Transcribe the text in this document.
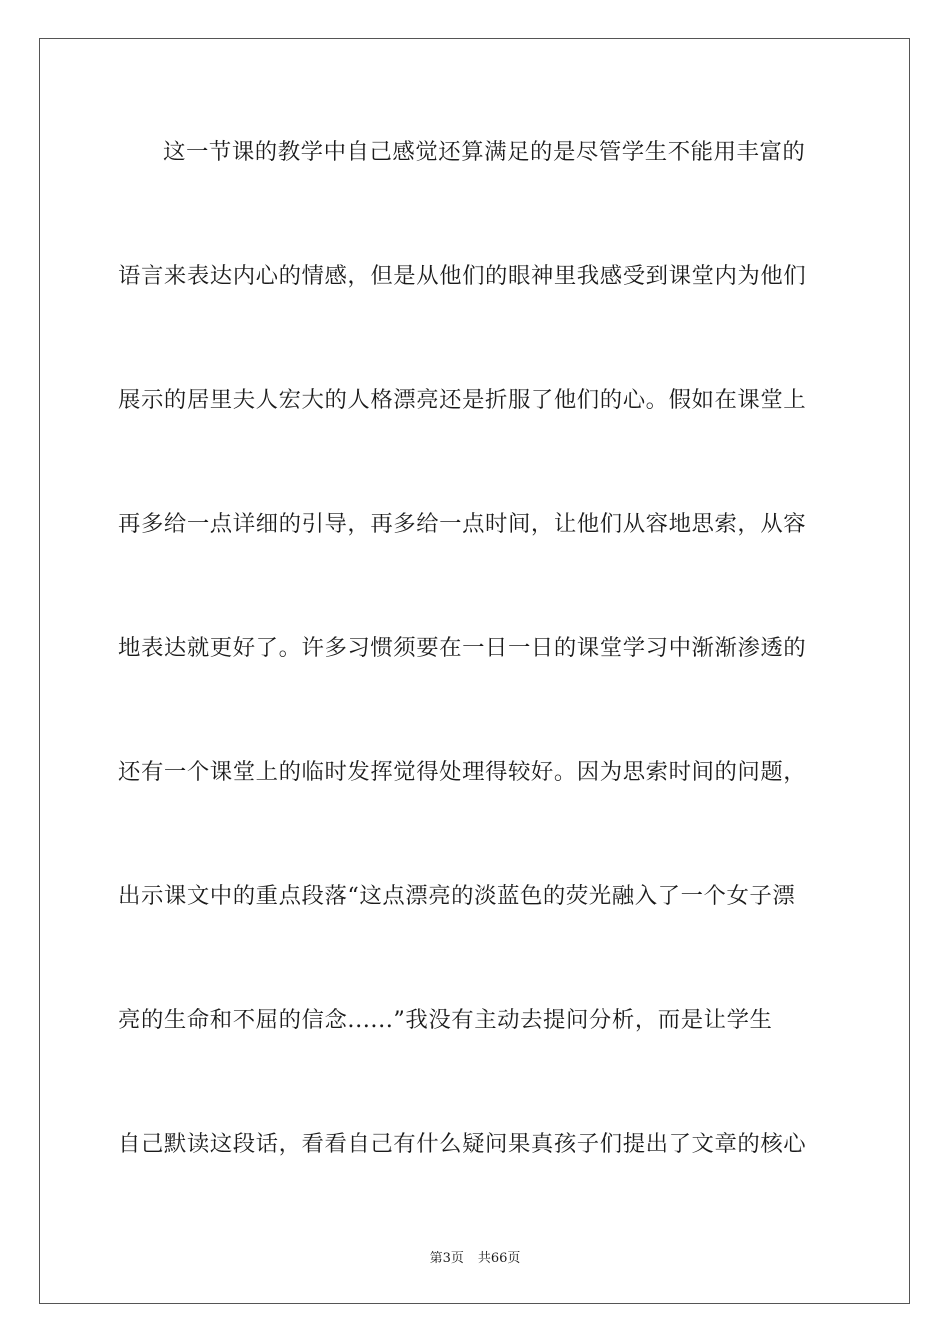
这一节课的教学中自己感觉还算满足的是尽管学生不能用丰富的
语言来表达内心的情感，但是从他们的眼神里我感受到课堂内为他们
展示的居里夫人宏大的人格漂亮还是折服了他们的心。假如在课堂上
再多给一点详细的引导，再多给一点时间，让他们从容地思索，从容
地表达就更好了。许多习惯须要在一日一日的课堂学习中渐渐渗透的
还有一个课堂上的临时发挥觉得处理得较好。因为思索时间的问题，
出示课文中的重点段落“这点漂亮的淡蓝色的荧光融入了一个女子漂
亮的生命和不屈的信念......”我没有主动去提问分析，而是让学生
自己默读这段话，看看自己有什么疑问果真孩子们提出了文章的核心
第3页 共66页
